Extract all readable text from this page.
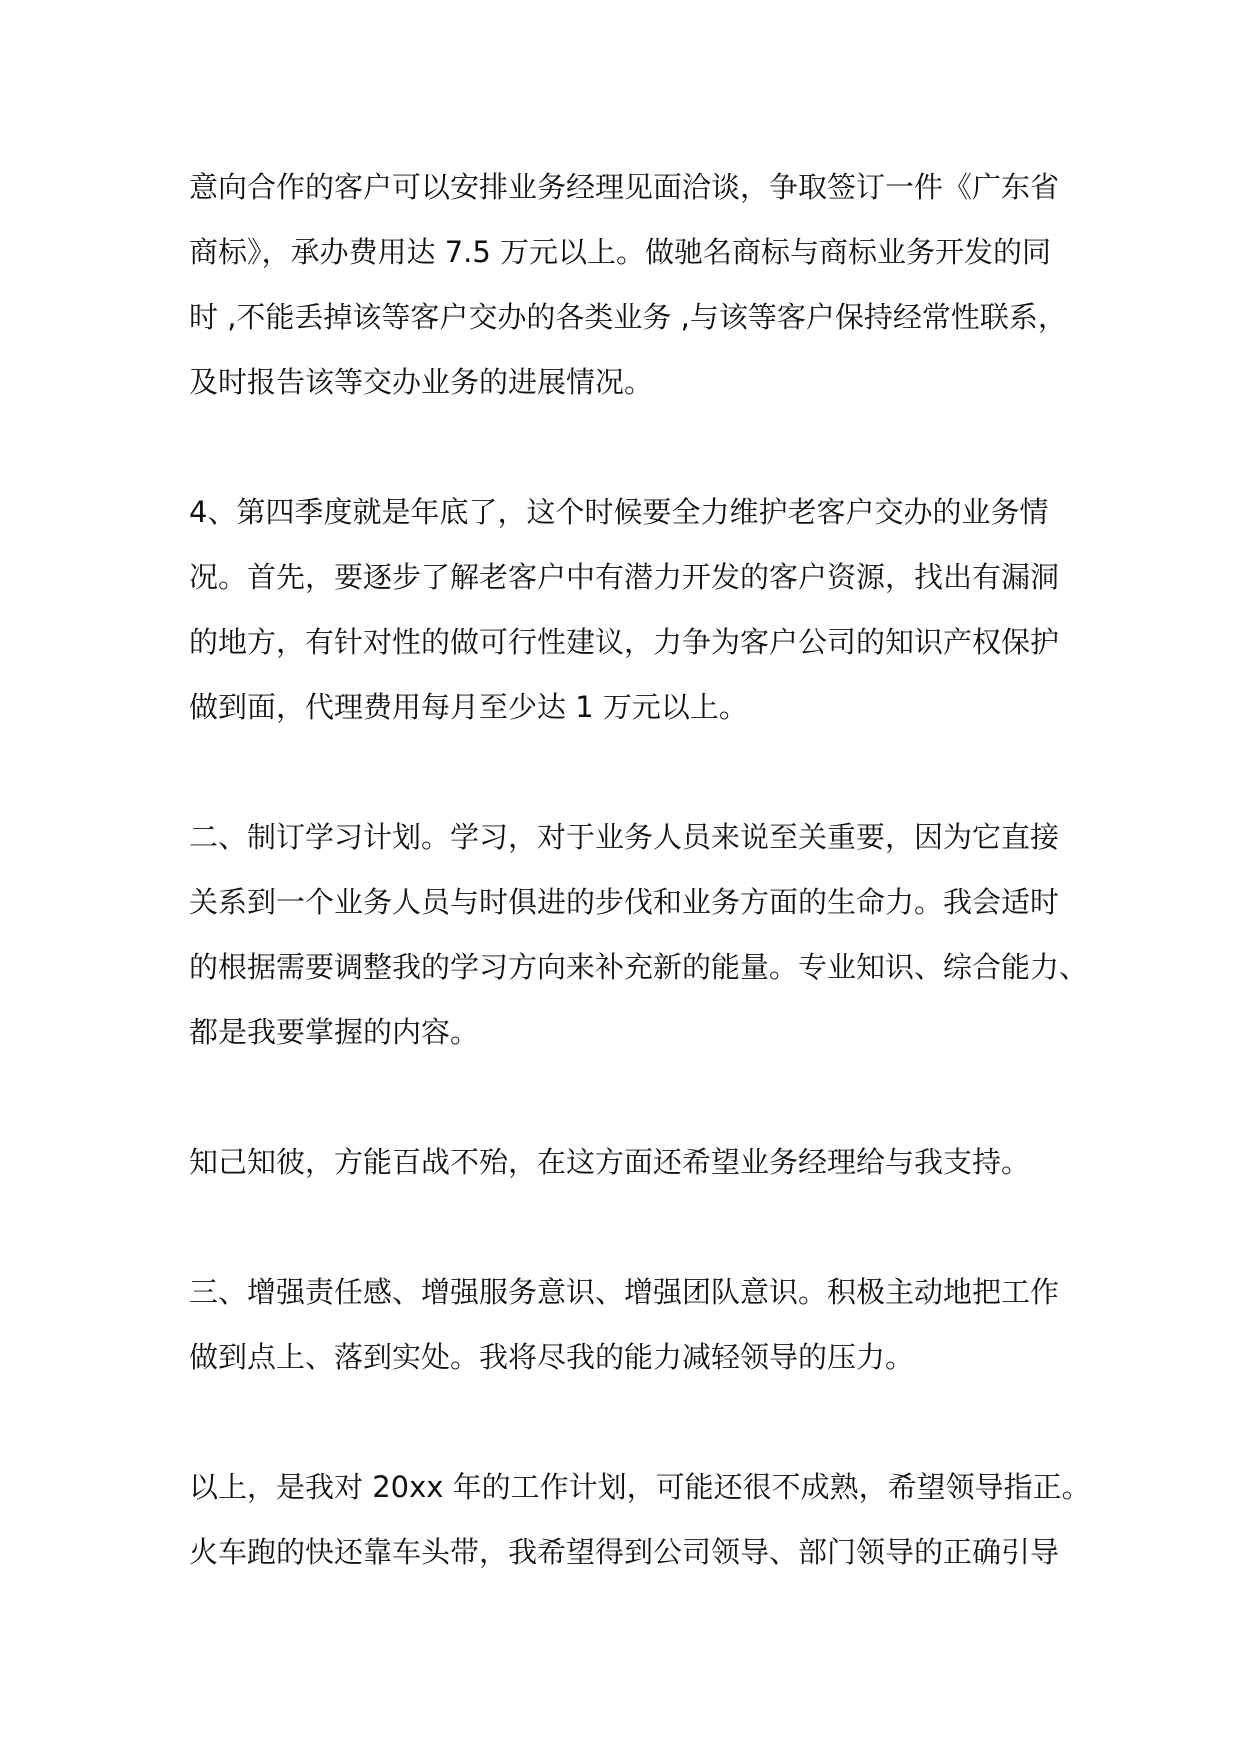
意向合作的客户可以安排业务经理见面洽谈，争取签订一件《广东省
商标》，承办费用达 7.5 万元以上。做驰名商标与商标业务开发的同
时 ,不能丢掉该等客户交办的各类业务 ,与该等客户保持经常性联系，
及时报告该等交办业务的进展情况。
4、第四季度就是年底了，这个时候要全力维护老客户交办的业务情
况。首先，要逐步了解老客户中有潜力开发的客户资源，找出有漏洞
的地方，有针对性的做可行性建议，力争为客户公司的知识产权保护
做到面，代理费用每月至少达 1 万元以上。
二、制订学习计划。学习，对于业务人员来说至关重要，因为它直接
关系到一个业务人员与时俱进的步伐和业务方面的生命力。我会适时
的根据需要调整我的学习方向来补充新的能量。专业知识、综合能力、
都是我要掌握的内容。
知己知彼，方能百战不殆，在这方面还希望业务经理给与我支持。
三、增强责任感、增强服务意识、增强团队意识。积极主动地把工作
做到点上、落到实处。我将尽我的能力减轻领导的压力。
以上，是我对 20xx 年的工作计划，可能还很不成熟，希望领导指正。
火车跑的快还靠车头带，我希望得到公司领导、部门领导的正确引导
